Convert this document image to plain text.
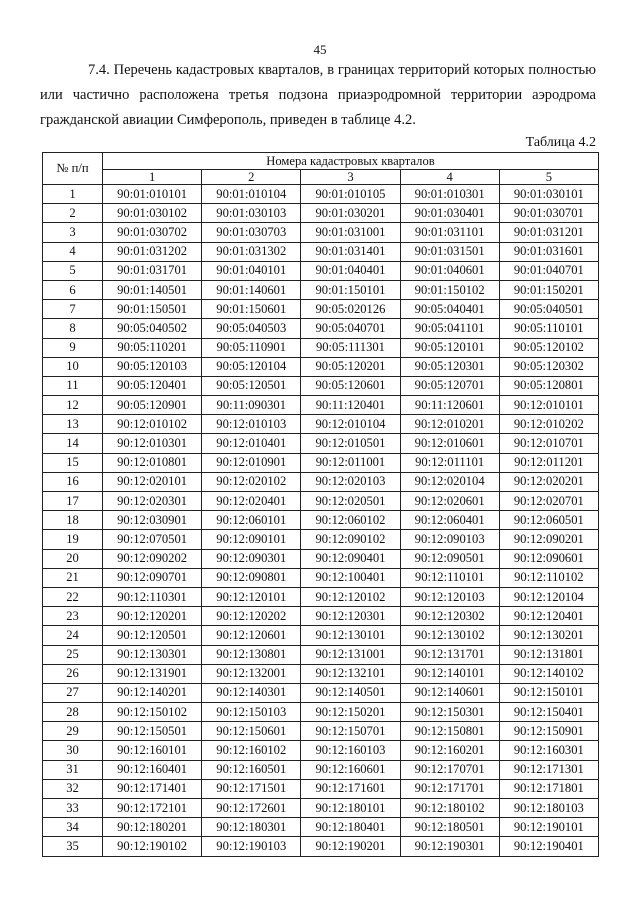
45

7.4. Перечень кадастровых кварталов, в границах территорий которых полностью или частично расположена третья подзона приаэродромной территории аэродрома гражданской авиации Симферополь, приведен в таблице 4.2.

Таблица 4.2
№ п/п	Номера кадастровых кварталов				
	1	2	3	4	5
1	90:01:010101	90:01:010104	90:01:010105	90:01:010301	90:01:030101
2	90:01:030102	90:01:030103	90:01:030201	90:01:030401	90:01:030701
3	90:01:030702	90:01:030703	90:01:031001	90:01:031101	90:01:031201
4	90:01:031202	90:01:031302	90:01:031401	90:01:031501	90:01:031601
5	90:01:031701	90:01:040101	90:01:040401	90:01:040601	90:01:040701
6	90:01:140501	90:01:140601	90:01:150101	90:01:150102	90:01:150201
7	90:01:150501	90:01:150601	90:05:020126	90:05:040401	90:05:040501
8	90:05:040502	90:05:040503	90:05:040701	90:05:041101	90:05:110101
9	90:05:110201	90:05:110901	90:05:111301	90:05:120101	90:05:120102
10	90:05:120103	90:05:120104	90:05:120201	90:05:120301	90:05:120302
11	90:05:120401	90:05:120501	90:05:120601	90:05:120701	90:05:120801
12	90:05:120901	90:11:090301	90:11:120401	90:11:120601	90:12:010101
13	90:12:010102	90:12:010103	90:12:010104	90:12:010201	90:12:010202
14	90:12:010301	90:12:010401	90:12:010501	90:12:010601	90:12:010701
15	90:12:010801	90:12:010901	90:12:011001	90:12:011101	90:12:011201
16	90:12:020101	90:12:020102	90:12:020103	90:12:020104	90:12:020201
17	90:12:020301	90:12:020401	90:12:020501	90:12:020601	90:12:020701
18	90:12:030901	90:12:060101	90:12:060102	90:12:060401	90:12:060501
19	90:12:070501	90:12:090101	90:12:090102	90:12:090103	90:12:090201
20	90:12:090202	90:12:090301	90:12:090401	90:12:090501	90:12:090601
21	90:12:090701	90:12:090801	90:12:100401	90:12:110101	90:12:110102
22	90:12:110301	90:12:120101	90:12:120102	90:12:120103	90:12:120104
23	90:12:120201	90:12:120202	90:12:120301	90:12:120302	90:12:120401
24	90:12:120501	90:12:120601	90:12:130101	90:12:130102	90:12:130201
25	90:12:130301	90:12:130801	90:12:131001	90:12:131701	90:12:131801
26	90:12:131901	90:12:132001	90:12:132101	90:12:140101	90:12:140102
27	90:12:140201	90:12:140301	90:12:140501	90:12:140601	90:12:150101
28	90:12:150102	90:12:150103	90:12:150201	90:12:150301	90:12:150401
29	90:12:150501	90:12:150601	90:12:150701	90:12:150801	90:12:150901
30	90:12:160101	90:12:160102	90:12:160103	90:12:160201	90:12:160301
31	90:12:160401	90:12:160501	90:12:160601	90:12:170701	90:12:171301
32	90:12:171401	90:12:171501	90:12:171601	90:12:171701	90:12:171801
33	90:12:172101	90:12:172601	90:12:180101	90:12:180102	90:12:180103
34	90:12:180201	90:12:180301	90:12:180401	90:12:180501	90:12:190101
35	90:12:190102	90:12:190103	90:12:190201	90:12:190301	90:12:190401
